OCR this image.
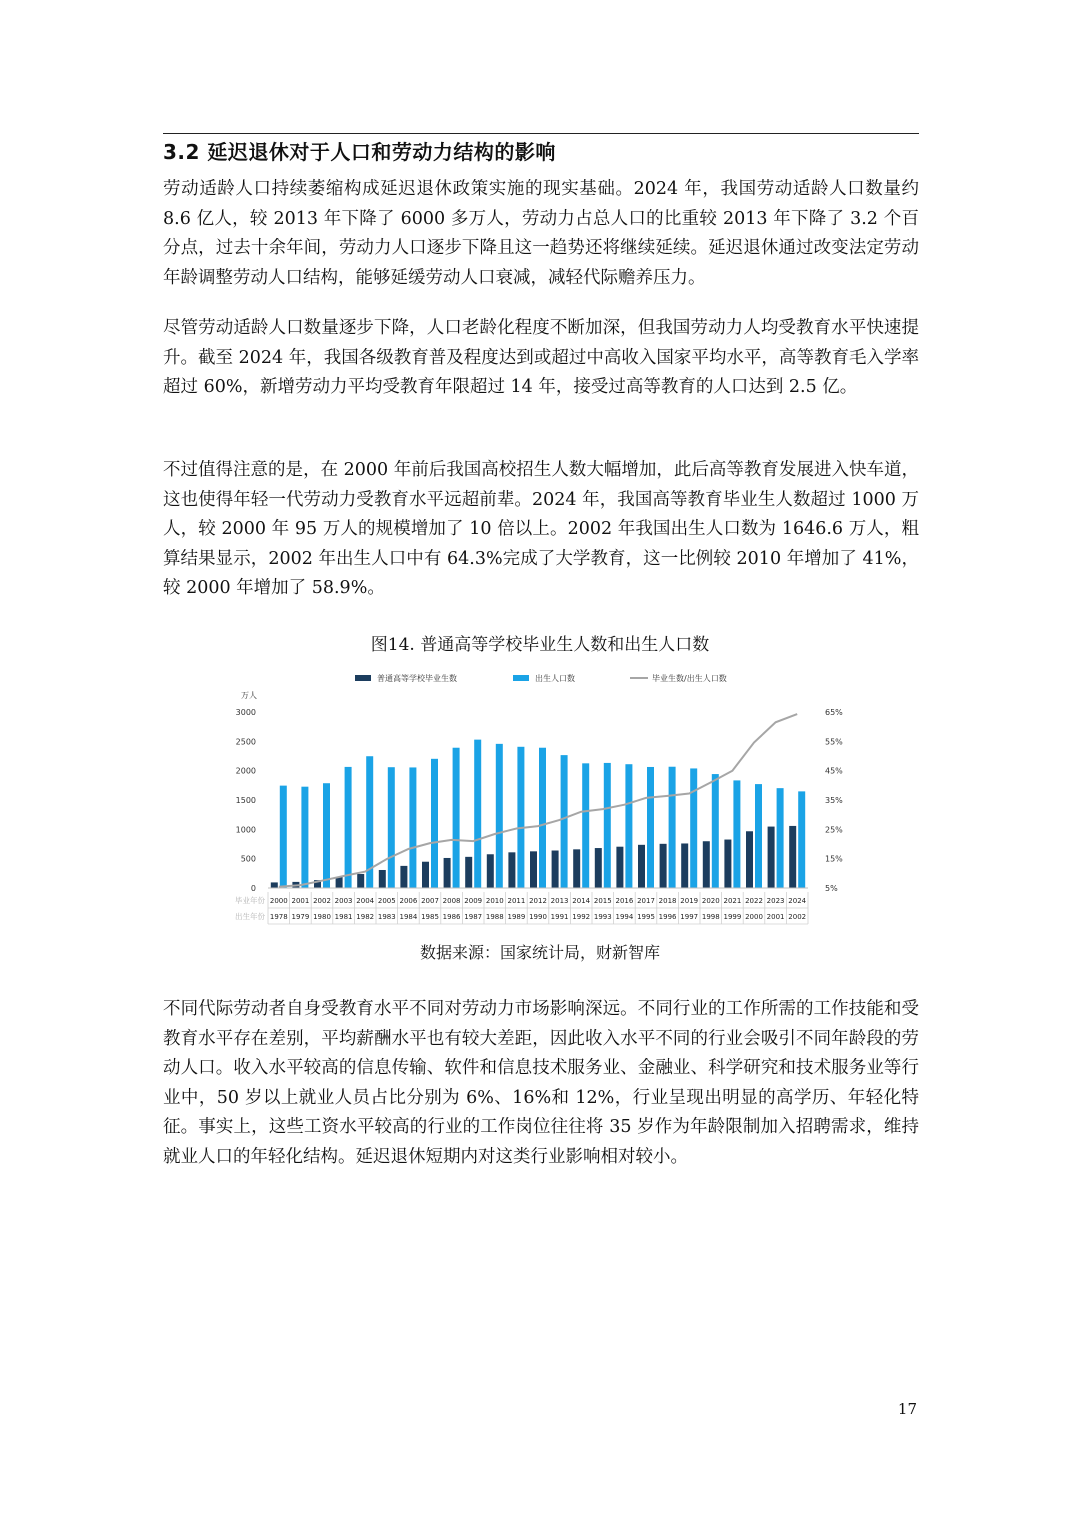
3.2 延迟退休对于人口和劳动力结构的影响
劳动适龄人口持续萎缩构成延迟退休政策实施的现实基础。2024 年，我国劳动适龄人口数量约 8.6 亿人，较 2013 年下降了 6000 多万人，劳动力占总人口的比重较 2013 年下降了 3.2 个百分点，过去十余年间，劳动力人口逐步下降且这一趋势还将继续延续。延迟退休通过改变法定劳动年龄调整劳动人口结构，能够延缓劳动人口衰减，减轻代际赡养压力。
尽管劳动适龄人口数量逐步下降，人口老龄化程度不断加深，但我国劳动力人均受教育水平快速提升。截至 2024 年，我国各级教育普及程度达到或超过中高收入国家平均水平，高等教育毛入学率超过 60%，新增劳动力平均受教育年限超过 14 年，接受过高等教育的人口达到 2.5 亿。
不过值得注意的是，在 2000 年前后我国高校招生人数大幅增加，此后高等教育发展进入快车道，这也使得年轻一代劳动力受教育水平远超前辈。2024 年，我国高等教育毕业生人数超过 1000 万人，较 2000 年 95 万人的规模增加了 10 倍以上。2002 年我国出生人口数为 1646.6 万人，粗算结果显示，2002 年出生人口中有 64.3%完成了大学教育，这一比例较 2010 年增加了 41%，较 2000 年增加了 58.9%。
图14. 普通高等学校毕业生人数和出生人口数
普通高等学校毕业生数	出生人口数	毕业生数/出生人口数
万人
3000
2500
2000
1500
1000
500
0
65%
55%
45%
35%
25%
15%
5%
毕业年份
出生年份
2000
1978
2001
1979
2002
1980
2003
1981
2004
1982
2005
1983
2006
1984
2007
1985
2008
1986
2009
1987
2010
1988
2011
1989
2012
1990
2013
1991
2014
1992
2015
1993
2016
1994
2017
1995
2018
1996
2019
1997
2020
1998
2021
1999
2022
2000
2023
2001
2024
2002
数据来源：国家统计局，财新智库
不同代际劳动者自身受教育水平不同对劳动力市场影响深远。不同行业的工作所需的工作技能和受教育水平存在差别，平均薪酬水平也有较大差距，因此收入水平不同的行业会吸引不同年龄段的劳动人口。收入水平较高的信息传输、软件和信息技术服务业、金融业、科学研究和技术服务业等行业中，50 岁以上就业人员占比分别为 6%、16%和 12%，行业呈现出明显的高学历、年轻化特征。事实上，这些工资水平较高的行业的工作岗位往往将 35 岁作为年龄限制加入招聘需求，维持就业人口的年轻化结构。延迟退休短期内对这类行业影响相对较小。
17
